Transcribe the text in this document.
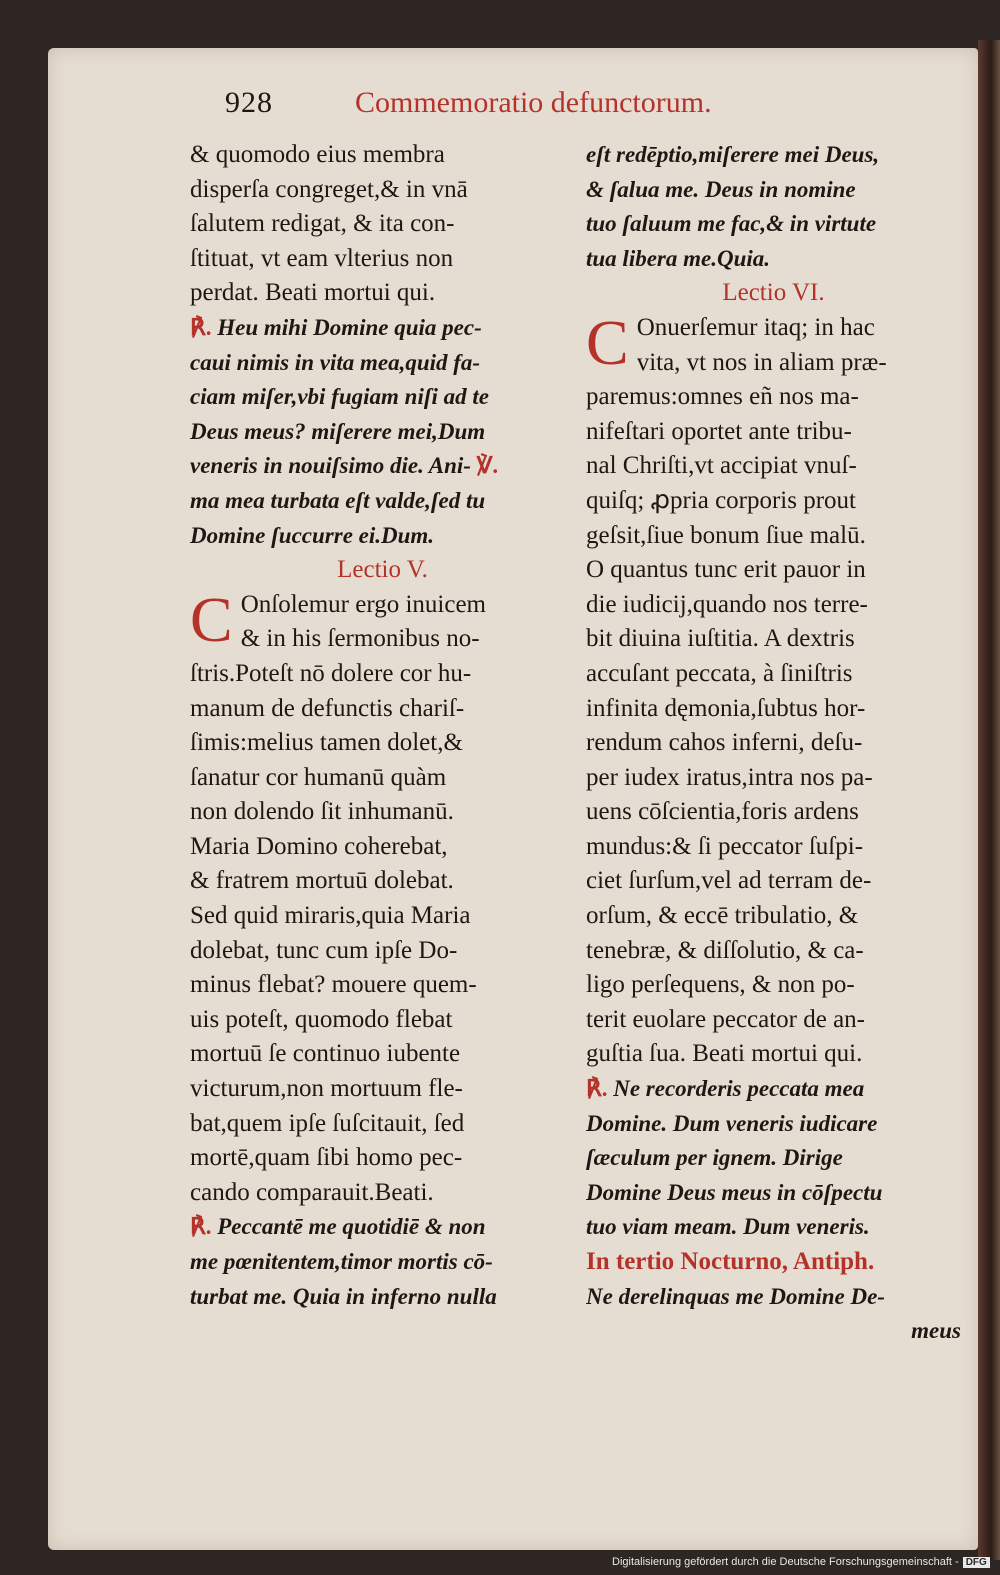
928	Commemoratio defunctorum.
& quomodo eius membra
disperſa congreget,& in vnā
ſalutem redigat, & ita con-
ſtituat, vt eam vlterius non
perdat. Beati mortui qui.
℟. Heu mihi Domine quia pec-
caui nimis in vita mea,quid fa-
ciam miſer,vbi fugiam niſi ad te
Deus meus? miſerere mei,Dum
veneris in nouiſsimo die. Ani- ℣.
ma mea turbata eſt valde,ſed tu
Domine ſuccurre ei.Dum.
Lectio V.
C Onſolemur ergo inuicem
& in his ſermonibus no-
ſtris.Poteſt nō dolere cor hu-
manum de defunctis chariſ-
ſimis:melius tamen dolet,&
ſanatur cor humanū quàm
non dolendo ſit inhumanū.
Maria Domino coherebat,
& fratrem mortuū dolebat.
Sed quid miraris,quia Maria
dolebat, tunc cum ipſe Do-
minus flebat? mouere quem-
uis poteſt, quomodo flebat
mortuū ſe continuo iubente
victurum,non mortuum fle-
bat,quem ipſe ſuſcitauit, ſed
mortē,quam ſibi homo pec-
cando comparauit.Beati.
℟. Peccantē me quotidiē & non
me pœnitentem,timor mortis cō-
turbat me. Quia in inferno nulla
eſt redēptio,miſerere mei Deus,
& ſalua me. Deus in nomine
tuo ſaluum me fac,& in virtute
tua libera me.Quia.
Lectio VI.
C Onuerſemur itaq; in hac
vita, vt nos in aliam præ-
paremus:omnes eñ nos ma-
nifeſtari oportet ante tribu-
nal Chriſti,vt accipiat vnuſ-
quiſq; ꝓpria corporis prout
geſsit,ſiue bonum ſiue malū.
O quantus tunc erit pauor in
die iudicij,quando nos terre-
bit diuina iuſtitia. A dextris
accuſant peccata, à ſiniſtris
infinita dęmonia,ſubtus hor-
rendum cahos inferni, deſu-
per iudex iratus,intra nos pa-
uens cōſcientia,foris ardens
mundus:& ſi peccator ſuſpi-
ciet ſurſum,vel ad terram de-
orſum, & eccē tribulatio, &
tenebræ, & diſſolutio, & ca-
ligo perſequens, & non po-
terit euolare peccator de an-
guſtia ſua. Beati mortui qui.
℟. Ne recorderis peccata mea
Domine. Dum veneris iudicare
ſæculum per ignem. Dirige
Domine Deus meus in cōſpectu
tuo viam meam. Dum veneris.
In tertio Nocturno, Antiph.
Ne derelinquas me Domine De-
meus
Digitalisierung gefördert durch die Deutsche Forschungsgemeinschaft - DFG
